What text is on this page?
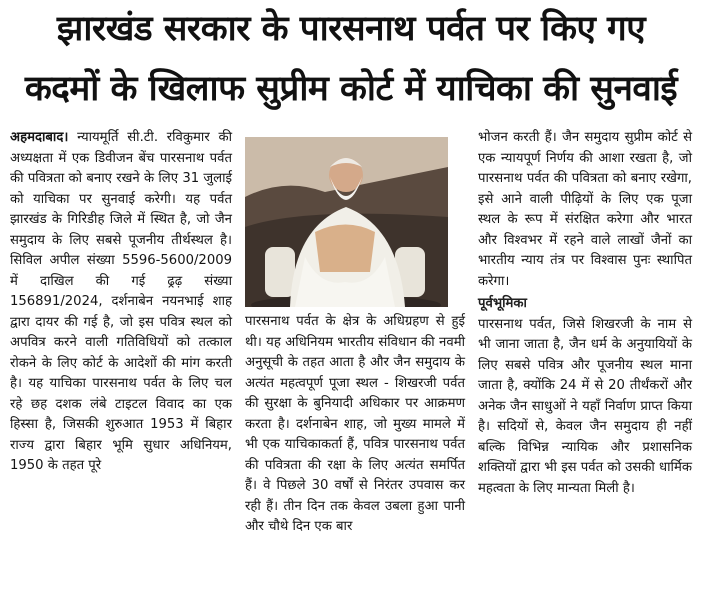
झारखंड सरकार के पारसनाथ पर्वत पर किए गए
कदमों के खिलाफ सुप्रीम कोर्ट में याचिका की सुनवाई

अहमदाबाद। न्यायमूर्ति सी.टी. रविकुमार की अध्यक्षता में एक डिवीजन बेंच पारसनाथ पर्वत की पवित्रता को बनाए रखने के लिए 31 जुलाई को याचिका पर सुनवाई करेगी। यह पर्वत झारखंड के गिरिडीह जिले में स्थित है, जो जैन समुदाय के लिए सबसे पूजनीय तीर्थस्थल है। सिविल अपील संख्या 5596-5600/2009 में दाखिल की गई ढ्रढ़ संख्या 156891/2024, दर्शनाबेन नयनभाई शाह द्वारा दायर की गई है, जो इस पवित्र स्थल को अपवित्र करने वाली गतिविधियों को तत्काल रोकने के लिए कोर्ट के आदेशों की मांग करती है। यह याचिका पारसनाथ पर्वत के लिए चल रहे छह दशक लंबे टाइटल विवाद का एक हिस्सा है, जिसकी शुरुआत 1953 में बिहार राज्य द्वारा बिहार भूमि सुधार अधिनियम, 1950 के तहत पूरे

पारसनाथ पर्वत के क्षेत्र के अधिग्रहण से हुई थी। यह अधिनियम भारतीय संविधान की नवमी अनुसूची के तहत आता है और जैन समुदाय के अत्यंत महत्वपूर्ण पूजा स्थल - शिखरजी पर्वत की सुरक्षा के बुनियादी अधिकार पर आक्रमण करता है। दर्शनाबेन शाह, जो मुख्य मामले में भी एक याचिकाकर्ता हैं, पवित्र पारसनाथ पर्वत की पवित्रता की रक्षा के लिए अत्यंत समर्पित हैं। वे पिछले 30 वर्षों से निरंतर उपवास कर रही हैं। तीन दिन तक केवल उबला हुआ पानी और चौथे दिन एक बार

भोजन करती हैं। जैन समुदाय सुप्रीम कोर्ट से एक न्यायपूर्ण निर्णय की आशा रखता है, जो पारसनाथ पर्वत की पवित्रता को बनाए रखेगा, इसे आने वाली पीढ़ियों के लिए एक पूजा स्थल के रूप में संरक्षित करेगा और भारत और विश्वभर में रहने वाले लाखों जैनों का भारतीय न्याय तंत्र पर विश्वास पुनः स्थापित करेगा।

पूर्वभूमिका

पारसनाथ पर्वत, जिसे शिखरजी के नाम से भी जाना जाता है, जैन धर्म के अनुयायियों के लिए सबसे पवित्र और पूजनीय स्थल माना जाता है, क्योंकि 24 में से 20 तीर्थंकरों और अनेक जैन साधुओं ने यहाँ निर्वाण प्राप्त किया है। सदियों से, केवल जैन समुदाय ही नहीं बल्कि विभिन्न न्यायिक और प्रशासनिक शक्तियों द्वारा भी इस पर्वत को उसकी धार्मिक महत्वता के लिए मान्यता मिली है।
